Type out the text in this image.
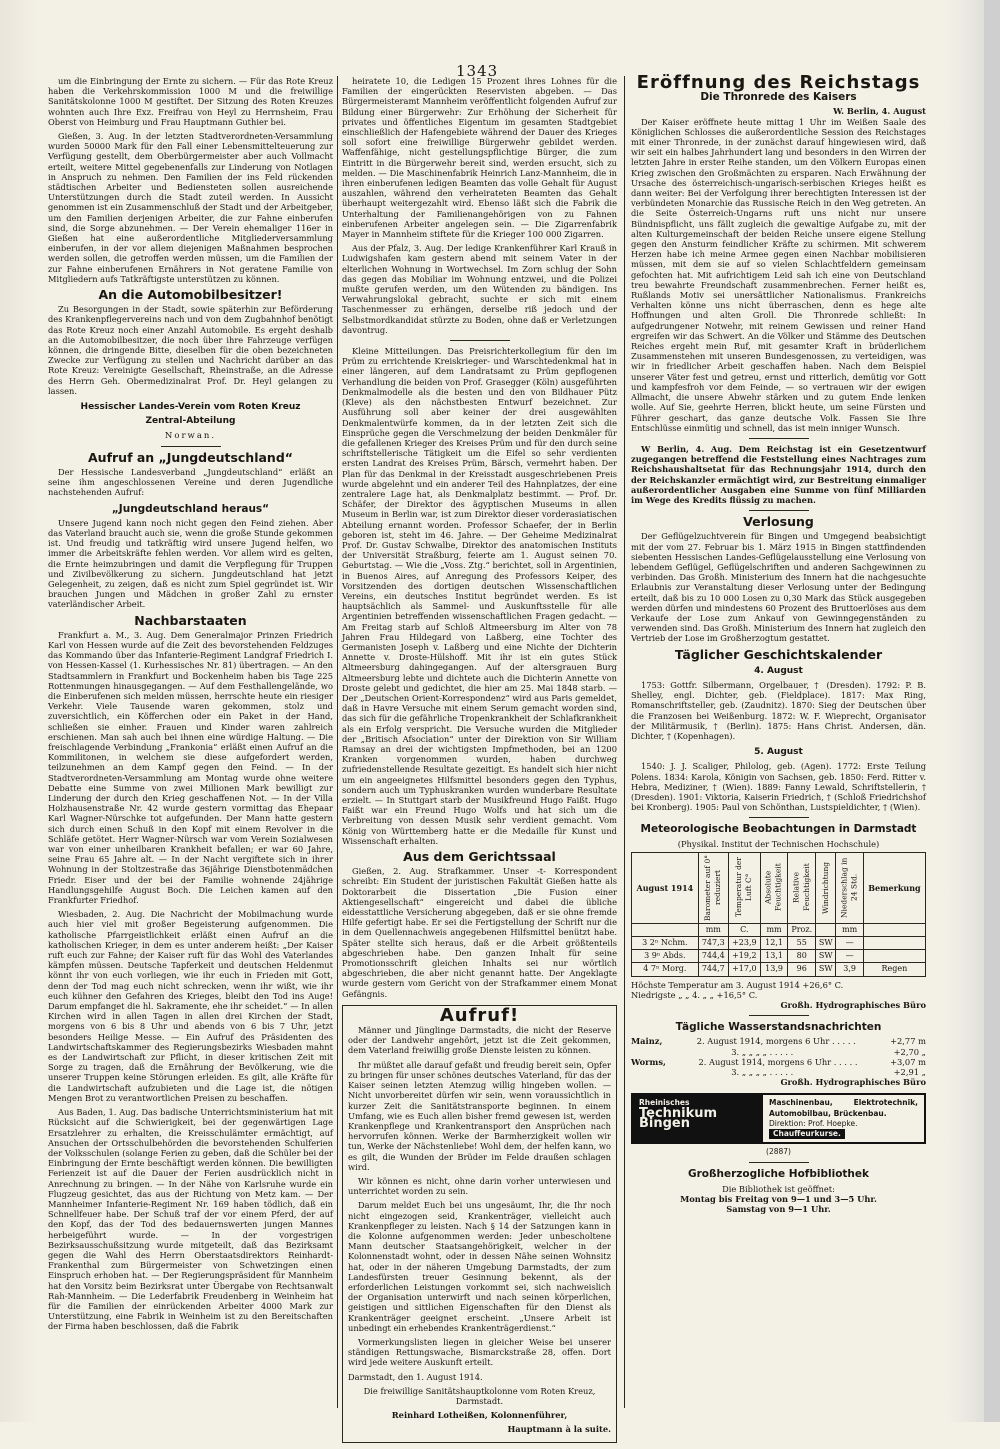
1343

um die Einbringung der Ernte zu sichern. — Für das Rote Kreuz haben die Verkehrskommission 1000 M und die freiwillige Sanitätskolonne 1000 M gestiftet. Der Sitzung des Roten Kreuzes wohnten auch Ihre Exz. Freifrau von Heyl zu Herrnsheim, Frau Oberst von Heimburg und Frau Hauptmann Guthier bei.

Gießen, 3. Aug. In der letzten Stadtverordneten-Versammlung wurden 50000 Mark für den Fall einer Lebensmittelteuerung zur Verfügung gestellt, dem Oberbürgermeister aber auch Vollmacht erteilt, weitere Mittel gegebenenfalls zur Linderung von Notlagen in Anspruch zu nehmen. Den Familien der ins Feld rückenden städtischen Arbeiter und Bediensteten sollen ausreichende Unterstützungen durch die Stadt zuteil werden. In Aussicht genommen ist ein Zusammenschluß der Stadt und der Arbeitgeber, um den Familien derjenigen Arbeiter, die zur Fahne einberufen sind, die Sorge abzunehmen. — Der Verein ehemaliger 116er in Gießen hat eine außerordentliche Mitgliederversammlung einberufen, in der vor allem diejenigen Maßnahmen besprochen werden sollen, die getroffen werden müssen, um die Familien der zur Fahne einberufenen Ernährers in Not geratene Familie von Mitgliedern aufs Tatkräftigste unterstützen zu können.

An die Automobilbesitzer!

Zu Besorgungen in der Stadt, sowie späterhin zur Beförderung des Krankenpflegervereins nach und von dem Zugbahnhof benötigt das Rote Kreuz noch einer Anzahl Automobile. Es ergeht deshalb an die Automobilbesitzer, die noch über ihre Fahrzeuge verfügen können, die dringende Bitte, dieselben für die oben bezeichneten Zwecke zur Verfügung zu stellen und Nachricht darüber an das Rote Kreuz: Vereinigte Gesellschaft, Rheinstraße, an die Adresse des Herrn Geh. Obermedizinalrat Prof. Dr. Heyl gelangen zu lassen.

Hessischer Landes-Verein vom Roten Kreuz
Zentral-Abteilung
Norwan.
Aufruf an „Jungdeutschland“

Der Hessische Landesverband „Jungdeutschland“ erläßt an seine ihm angeschlossenen Vereine und deren Jugendliche nachstehenden Aufruf:

„Jungdeutschland heraus“

Unsere Jugend kann noch nicht gegen den Feind ziehen. Aber das Vaterland braucht auch sie, wenn die große Stunde gekommen ist. Und freudig und tatkräftig wird unsere Jugend helfen, wo immer die Arbeitskräfte fehlen werden. Vor allem wird es gelten, die Ernte heimzubringen und damit die Verpflegung für Truppen und Zivilbevölkerung zu sichern. Jungdeutschland hat jetzt Gelegenheit, zu zeigen, daß es nicht zum Spiel gegründet ist. Wir brauchen Jungen und Mädchen in großer Zahl zu ernster vaterländischer Arbeit.

Nachbarstaaten

Frankfurt a. M., 3. Aug. Dem Generalmajor Prinzen Friedrich Karl von Hessen wurde auf die Zeit des bevorstehenden Feldzuges das Kommando über das Infanterie-Regiment Landgraf Friedrich I. von Hessen-Kassel (1. Kurhessisches Nr. 81) übertragen. — An den Stadtsammlern in Frankfurt und Bockenheim haben bis Tage 225 Rottenmungen hinausgegangen. — Auf dem Festhallengelände, wo die Einberufenen sich melden müssen, herrschte heute ein riesiger Verkehr. Viele Tausende waren gekommen, stolz und zuversichtlich, ein Köfferchen oder ein Paket in der Hand, schließen sie einher. Frauen und Kinder waren zahlreich erschienen. Man sah auch bei ihnen eine würdige Haltung. — Die freischlagende Verbindung „Frankonia“ erläßt einen Aufruf an die Kommilitonen, in welchem sie diese aufgefordert werden, teilzunehmen an dem Kampf gegen den Feind. — In der Stadtverordneten-Versammlung am Montag wurde ohne weitere Debatte eine Summe von zwei Millionen Mark bewilligt zur Linderung der durch den Krieg geschaffenen Not. — In der Villa Holzhausenstraße Nr. 42 wurde gestern vormittag das Ehepaar Karl Wagner-Nürschke tot aufgefunden. Der Mann hatte gestern sich durch einen Schuß in den Kopf mit einem Revolver in die Schläfe getötet. Herr Wagner-Nürsch war vom Verein Sozialwesen war von einer unheilbaren Krankheit befallen; er war 60 Jahre, seine Frau 65 Jahre alt. — In der Nacht vergiftete sich in ihrer Wohnung in der Stoltzestraße das 36jährige Dienstbotenmädchen Friedr. Eiser und der bei der Familie wohnende 24jährige Handlungsgehilfe August Boch. Die Leichen kamen auf den Frankfurter Friedhof.

Wiesbaden, 2. Aug. Die Nachricht der Mobilmachung wurde auch hier viel mit großer Begeisterung aufgenommen. Die katholische Pfarrgeistlichkeit erläßt einen Aufruf an die katholischen Krieger, in dem es unter anderem heißt: „Der Kaiser ruft euch zur Fahne; der Kaiser ruft für das Wohl des Vaterlandes kämpfen müssen. Deutsche Tapferkeit und deutschen Heldenmut könnt ihr von euch vorliegen, wie ihr euch in Frieden mit Gott, denn der Tod mag euch nicht schrecken, wenn ihr wißt, wie ihr euch kühner den Gefahren des Krieges, bleibt den Tod ins Auge! Darum empfanget die hl. Sakramente, ehe ihr scheidet.“ — In allen Kirchen wird in allen Tagen in allen drei Kirchen der Stadt, morgens von 6 bis 8 Uhr und abends von 6 bis 7 Uhr, jetzt besonders Heilige Messe. — Ein Aufruf des Präsidenten des Landwirtschaftskammer des Regierungsbezirks Wiesbaden mahnt es der Landwirtschaft zur Pflicht, in dieser kritischen Zeit mit Sorge zu tragen, daß die Ernährung der Bevölkerung, wie die unserer Truppen keine Störungen erleiden. Es gilt, alle Kräfte für die Landwirtschaft aufzubieten und die Lage ist, die nötigen Mengen Brot zu verantwortlichen Preisen zu beschaffen.

Aus Baden, 1. Aug. Das badische Unterrichtsministerium hat mit Rücksicht auf die Schwierigkeit, bei der gegenwärtigen Lage Ersatzlehrer zu erhalten, die Kreisschulämter ermächtigt, auf Ansuchen der Ortsschulbehörden die bevorstehenden Schulferien der Volksschulen (solange Ferien zu geben, daß die Schüler bei der Einbringung der Ernte beschäftigt werden können. Die bewilligten Ferienzeit ist auf die Dauer der Ferien ausdrücklich nicht in Anrechnung zu bringen. — In der Nähe von Karlsruhe wurde ein Flugzeug gesichtet, das aus der Richtung von Metz kam. — Der Mannheimer Infanterie-Regiment Nr. 169 haben tödlich, daß ein Schnellfeuer habe. Der Schuß traf der vor einem Pferd, der auf den Kopf, das der Tod des bedauernswerten jungen Mannes herbeigeführt wurde. — In der vorgestrigen Bezirksausschußsitzung wurde mitgeteilt, daß das Bezirksamt gegen die Wahl des Herrn Oberstaatsdirektors Reinhardt-Frankenthal zum Bürgermeister von Schwetzingen einen Einspruch erhoben hat. — Der Regierungspräsident für Mannheim hat den Vorsitz beim Bezirksrat unter Übergabe von Rechtsanwalt Rah-Mannheim. — Die Lederfabrik Freudenberg in Weinheim hat für die Familien der einrückenden Arbeiter 4000 Mark zur Unterstützung, eine Fabrik in Weinheim ist zu den Bereitschaften der Firma haben beschlossen, daß die Fabrik

heiratete 10, die Ledigen 15 Prozent ihres Lohnes für die Familien der eingerückten Reservisten abgeben. — Das Bürgermeisteramt Mannheim veröffentlicht folgenden Aufruf zur Bildung einer Bürgerwehr: Zur Erhöhung der Sicherheit für privates und öffentliches Eigentum im gesamten Stadtgebiet einschließlich der Hafengebiete während der Dauer des Krieges soll sofort eine freiwillige Bürgerwehr gebildet werden. Waffenfähige, nicht gestellungspflichtige Bürger, die zum Eintritt in die Bürgerwehr bereit sind, werden ersucht, sich zu melden. — Die Maschinenfabrik Heinrich Lanz-Mannheim, die in ihren einberufenen ledigen Beamten das volle Gehalt für August auszahlen, während den verheirateten Beamten das Gehalt überhaupt weitergezahlt wird. Ebenso läßt sich die Fabrik die Unterhaltung der Familienangehörigen von zu Fahnen einberufenen Arbeiter angelegen sein. — Die Zigarrenfabrik Mayer in Mannheim stiftete für die Krieger 100 000 Zigarren.

Aus der Pfalz, 3. Aug. Der ledige Krankenführer Karl Krauß in Ludwigshafen kam gestern abend mit seinem Vater in der elterlichen Wohnung in Wortwechsel. Im Zorn schlug der Sohn das gegen das Mobiliar im Wohnung entzwei, und die Polizei mußte gerufen werden, um den Wütenden zu bändigen. Ins Verwahrungslokal gebracht, suchte er sich mit einem Taschenmesser zu erhängen, derselbe riß jedoch und der Selbstmordkandidat stürzte zu Boden, ohne daß er Verletzungen davontrug.

Kleine Mitteilungen. Das Preisrichterkollegium für den im Prüm zu errichtende Kreiskrieger- und Warschtedenkmal hat in einer längeren, auf dem Landratsamt zu Prüm gepflogenen Verhandlung die beiden von Prof. Grasegger (Köln) ausgeführten Denkmalmodelle als die besten und den von Bildhauer Pütz (Kleve) als den nächstbesten Entwurf bezeichnet. Zur Ausführung soll aber keiner der drei ausgewählten Denkmalentwürfe kommen, da in der letzten Zeit sich die Einsprüche gegen die Verschmelzung der beiden Denkmäler für die gefallenen Krieger des Kreises Prüm und für den durch seine schriftstellerische Tätigkeit um die Eifel so sehr verdienten ersten Landrat des Kreises Prüm, Bärsch, vermehrt haben. Der Plan für das Denkmal in der Kreisstadt ausgeschriebenen Preis wurde abgelehnt und ein anderer Teil des Hahnplatzes, der eine zentralere Lage hat, als Denkmalplatz bestimmt. — Prof. Dr. Schäfer, der Direktor des ägyptischen Museums in allen Museum in Berlin war, ist zum Direktor dieser vorderasiatischen Abteilung ernannt worden. Professor Schaefer, der in Berlin geboren ist, steht im 46. Jahre. — Der Geheime Medizinalrat Prof. Dr. Gustav Schwalbe, Direktor des anatomischen Instituts der Universität Straßburg, feierte am 1. August seinen 70. Geburtstag. — Wie die „Voss. Ztg.“ berichtet, soll in Argentinien, in Buenos Aires, auf Anregung des Professors Keiper, des Vorsitzenden des dortigen deutschen Wissenschaftlichen Vereins, ein deutsches Institut begründet werden. Es ist hauptsächlich als Sammel- und Auskunftsstelle für alle Argentinien betreffenden wissenschaftlichen Fragen gedacht. — Am Freitag starb auf Schloß Altmeersburg im Alter von 78 Jahren Frau Hildegard von Laßberg, eine Tochter des Germanisten Joseph v. Laßberg und eine Nichte der Dichterin Annette v. Droste-Hülshoff. Mit ihr ist ein gutes Stück Altmeersburg dahingegangen. Auf der altersgrauen Burg Altmeersburg lebte und dichtete auch die Dichterin Annette von Droste gelebt und gedichtet, die hier am 25. Mai 1848 starb. — Der „Deutschen Orient-Korrespondenz“ wird aus Paris gemeldet, daß in Havre Versuche mit einem Serum gemacht worden sind, das sich für die gefährliche Tropenkrankheit der Schlafkrankheit als ein Erfolg verspricht. Die Versuche wurden die Mitglieder der „Britisch Afsociation“ unter der Direktion von Sir William Ramsay an drei der wichtigsten Impfmethoden, bei an 1200 Kranken vorgenommen wurden, haben durchweg zufriedenstellende Resultate gezeitigt. Es handelt sich hier nicht um ein angeeignetes Hilfsmittel besonders gegen den Typhus, sondern auch um Typhuskranken wurden wunderbare Resultate erzielt. — In Stuttgart starb der Musikfreund Hugo Faißt. Hugo Faißt war ein Freund Hugo Wolfs und hat sich um die Verbreitung von dessen Musik sehr verdient gemacht. Vom König von Württemberg hatte er die Medaille für Kunst und Wissenschaft erhalten.

Aus dem Gerichtssaal

Gießen, 2. Aug. Strafkammer. Unser -t- Korrespondent schreibt: Ein Student der juristischen Fakultät Gießen hatte als Doktorarbeit die Dissertation „Die Fusion einer Aktiengesellschaft“ eingereicht und dabei die übliche eidesstattliche Versicherung abgegeben, daß er sie ohne fremde Hilfe gefertigt habe. Er sei die Fertigstellung der Schrift nur die in dem Quellennachweis angegebenen Hilfsmittel benützt habe. Später stellte sich heraus, daß er die Arbeit größtenteils abgeschrieben habe. Den ganzen Inhalt für seine Promotionsschrift gleichen Inhalts sei nur wörtlich abgeschrieben, die aber nicht genannt hatte. Der Angeklagte wurde gestern vom Gericht von der Strafkammer einem Monat Gefängnis.

Aufruf!

Männer und Jünglinge Darmstadts, die nicht der Reserve oder der Landwehr angehört, jetzt ist die Zeit gekommen, dem Vaterland freiwillig große Dienste leisten zu können.

Ihr müßtet alle darauf gefaßt und freudig bereit sein, Opfer zu bringen für unser schönes deutsches Vaterland, für das der Kaiser seinen letzten Atemzug willig hingeben wollen. — Nicht unvorbereitet dürfen wir sein, wenn voraussichtlich in kurzer Zeit die Sanitätstransporte beginnen. In einem Umfang, wie es Euch allen bisher fremd gewesen ist, werden Krankenpflege und Krankentransport den Ansprüchen nach hervorrufen können. Werke der Barmherzigkeit wollen wir tun, Werke der Nächstenliebe! Wohl dem, der helfen kann, wo es gilt, die Wunden der Brüder im Felde draußen schlagen wird.

Wir können es nicht, ohne darin vorher unterwiesen und unterrichtet worden zu sein.

Darum meldet Euch bei uns ungesäumt, Ihr, die Ihr noch nicht eingezogen seid, Krankenträger, vielleicht auch Krankenpfleger zu leisten. Nach § 14 der Satzungen kann in die Kolonne aufgenommen werden: Jeder unbescholtene Mann deutscher Staatsangehörigkeit, welcher in der Kolonnenstadt wohnt, oder in dessen Nähe seinen Wohnsitz hat, oder in der näheren Umgebung Darmstadts, der zum Landesfürsten treuer Gesinnung bekennt, als der erforderlichen Leistungen vorkommt sei, sich nachweislich der Organisation unterwirft und nach seinen körperlichen, geistigen und sittlichen Eigenschaften für den Dienst als Krankenträger geeignet erscheint. „Unsere Arbeit ist unbedingt ein erhebendes Krankenträgerdienst.“

Vormerkungslisten liegen in gleicher Weise bei unserer ständigen Rettungswache, Bismarckstraße 28, offen. Dort wird jede weitere Auskunft erteilt.

Darmstadt, den 1. August 1914.

Die freiwillige Sanitätshauptkolonne vom Roten Kreuz, Darmstadt.

Reinhard Lotheißen, Kolonnenführer,

Hauptmann à la suite.

Eröffnung des Reichstags
Die Thronrede des Kaisers
W. Berlin, 4. August

Der Kaiser eröffnete heute mittag 1 Uhr im Weißen Saale des Königlichen Schlosses die außerordentliche Session des Reichstages mit einer Thronrede, in der zunächst darauf hingewiesen wird, daß wir seit ein halbes Jahrhundert lang und besonders in den Wirren der letzten Jahre in erster Reihe standen, um den Völkern Europas einen Krieg zwischen den Großmächten zu ersparen. Nach Erwähnung der Ursache des österreichisch-ungarisch-serbischen Krieges heißt es dann weiter: Bei der Verfolgung ihrer berechtigten Interessen ist der verbündeten Monarchie das Russische Reich in den Weg getreten. An die Seite Österreich-Ungarns ruft uns nicht nur unsere Bündnispflicht, uns fällt zugleich die gewaltige Aufgabe zu, mit der alten Kulturgemeinschaft der beiden Reiche unsere eigene Stellung gegen den Ansturm feindlicher Kräfte zu schirmen. Mit schwerem Herzen habe ich meine Armee gegen einen Nachbar mobilisieren müssen, mit dem sie auf so vielen Schlachtfeldern gemeinsam gefochten hat. Mit aufrichtigem Leid sah ich eine von Deutschland treu bewahrte Freundschaft zusammenbrechen. Ferner heißt es, Rußlands Motiv sei unersättlicher Nationalismus. Frankreichs Verhalten könne uns nicht überraschen, denn es hege alte Hoffnungen und alten Groll. Die Thronrede schließt: In aufgedrungener Notwehr, mit reinem Gewissen und reiner Hand ergreifen wir das Schwert. An die Völker und Stämme des Deutschen Reiches ergeht mein Ruf, mit gesamter Kraft in brüderlichem Zusammenstehen mit unseren Bundesgenossen, zu verteidigen, was wir in friedlicher Arbeit geschaffen haben. Nach dem Beispiel unserer Väter fest und getreu, ernst und ritterlich, demütig vor Gott und kampfesfroh vor dem Feinde, — so vertrauen wir der ewigen Allmacht, die unsere Abwehr stärken und zu gutem Ende lenken wolle. Auf Sie, geehrte Herren, blickt heute, um seine Fürsten und Führer geschart, das ganze deutsche Volk. Fassen Sie Ihre Entschlüsse einmütig und schnell, das ist mein inniger Wunsch.

W Berlin, 4. Aug. Dem Reichstag ist ein Gesetzentwurf zugegangen betreffend die Feststellung eines Nachtrages zum Reichshaushaltsetat für das Rechnungsjahr 1914, durch den der Reichskanzler ermächtigt wird, zur Bestreitung einmaliger außerordentlicher Ausgaben eine Summe von fünf Milliarden im Wege des Kredits flüssig zu machen.

Verlosung

Der Geflügelzuchtverein für Bingen und Umgegend beabsichtigt mit der vom 27. Februar bis 1. März 1915 in Bingen stattfindenden siebenten Hessischen Landes-Geflügelausstellung eine Verlosung von lebendem Geflügel, Geflügelschriften und anderen Sachgewinnen zu verbinden. Das Großh. Ministerium des Innern hat die nachgesuchte Erlaubnis zur Veranstaltung dieser Verlosung unter der Bedingung erteilt, daß bis zu 10 000 Losen zu 0,30 Mark das Stück ausgegeben werden dürfen und mindestens 60 Prozent des Bruttoerlöses aus dem Verkaufe der Lose zum Ankauf von Gewinngegenständen zu verwenden sind. Das Großh. Ministerium des Innern hat zugleich den Vertrieb der Lose im Großherzogtum gestattet.

Täglicher Geschichtskalender
4. August

1753: Gottfr. Silbermann, Orgelbauer, † (Dresden). 1792: P. B. Shelley, engl. Dichter, geb. (Fieldplace). 1817: Max Ring, Romanschriftsteller, geb. (Zaudnitz). 1870: Sieg der Deutschen über die Franzosen bei Weißenburg. 1872: W. F. Wieprecht, Organisator der Militärmusik, † (Berlin). 1875: Hans Christ. Andersen, dän. Dichter, † (Kopenhagen).

5. August

1540: J. J. Scaliger, Philolog, geb. (Agen). 1772: Erste Teilung Polens. 1834: Karola, Königin von Sachsen, geb. 1850: Ferd. Ritter v. Hebra, Mediziner, † (Wien). 1889: Fanny Lewald, Schriftstellerin, † (Dresden). 1901: Viktoria, Kaiserin Friedrich, † (Schloß Friedrichshof bei Kronberg). 1905: Paul von Schönthan, Lustspieldichter, † (Wien).

Meteorologische Beobachtungen in Darmstadt
(Physikal. Institut der Technischen Hochschule)
August 1914	Barometer auf 0° reduziert	Temperatur der Luft C°	Absolute Feuchtigkeit	Relative Feuchtigkeit	Windrichtung	Niederschlag in 24 Std.	Bemerkung
	mm	C.	mm	Proz.		mm	
3 2ⁿ Nchm.	747,3	+23,9	12,1	55	SW	—	
3 9ⁿ Abds.	744,4	+19,2	13,1	80	SW	—	
4 7ⁿ Morg.	744,7	+17,0	13,9	96	SW	3,9	Regen
Höchste Temperatur am 3. August 1914 +26,6° C.
Niedrigste „ „ 4. „ „ +16,5° C.
Großh. Hydrographisches Büro
Tägliche Wasserstandsnachrichten
Mainz,	2. August 1914, morgens 6 Uhr . . . . .	+2,77 m
3. „ „ „ „ . . . . .	+2,70 „
Worms,	2. August 1914, morgens 6 Uhr . . . . .	+3,07 m
3. „ „ „ „ . . . . .	+2,91 „
Großh. Hydrographisches Büro
Rheinisches
Technikum Bingen
Maschinenbau, Elektrotechnik, Automobilbau, Brückenbau.
Direktion: Prof. Hoepke.
Chauffeurkurse.
(2887)
Großherzogliche Hofbibliothek
Die Bibliothek ist geöffnet:
Montag bis Freitag von 9—1 und 3—5 Uhr.
Samstag von 9—1 Uhr.
